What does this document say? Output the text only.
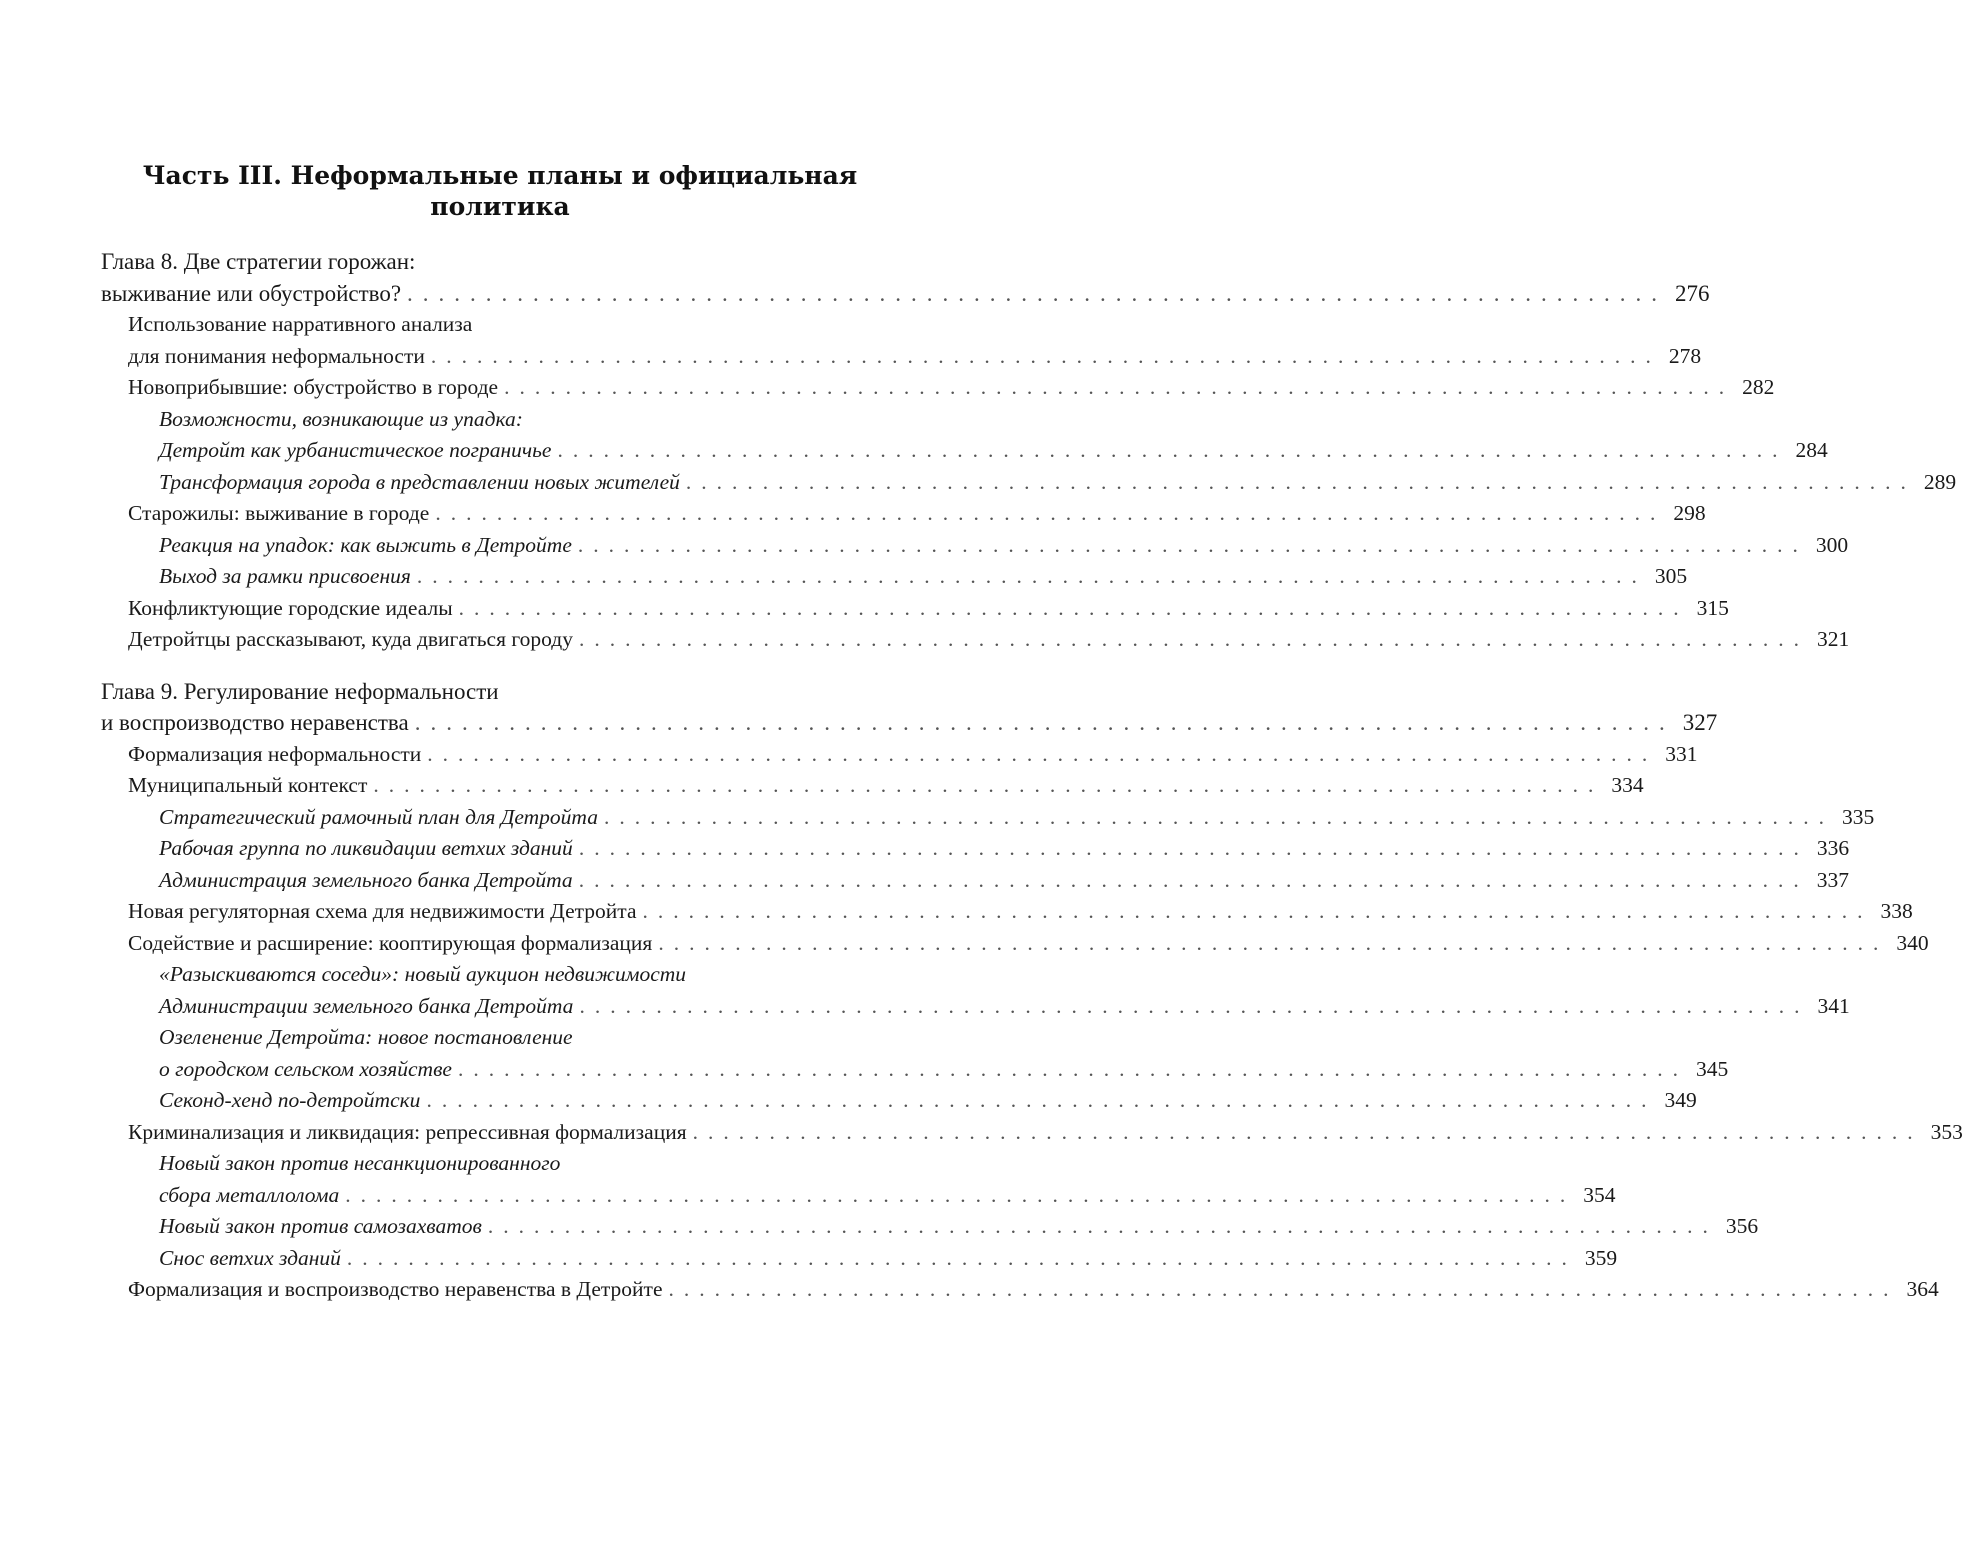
Часть III. Неформальные планы и официальная
политика
Глава 8. Две стратегии горожан:
выживание или обустройство? ................................................................................ 276
Использование нарративного анализа
для понимания неформальности ................................................................................ 278
Новоприбывшие: обустройство в городе ................................................................................ 282
Возможности, возникающие из упадка:
Детройт как урбанистическое пограничье ................................................................................ 284
Трансформация города в представлении новых жителей ................................................................................ 289
Старожилы: выживание в городе ................................................................................ 298
Реакция на упадок: как выжить в Детройте ................................................................................ 300
Выход за рамки присвоения ................................................................................ 305
Конфликтующие городские идеалы ................................................................................ 315
Детройтцы рассказывают, куда двигаться городу ................................................................................ 321
Глава 9. Регулирование неформальности
и воспроизводство неравенства ................................................................................ 327
Формализация неформальности ................................................................................ 331
Муниципальный контекст ................................................................................ 334
Стратегический рамочный план для Детройта ................................................................................ 335
Рабочая группа по ликвидации ветхих зданий ................................................................................ 336
Администрация земельного банка Детройта ................................................................................ 337
Новая регуляторная схема для недвижимости Детройта ................................................................................ 338
Содействие и расширение: кооптирующая формализация ................................................................................ 340
«Разыскиваются соседи»: новый аукцион недвижимости
Администрации земельного банка Детройта ................................................................................ 341
Озеленение Детройта: новое постановление
о городском сельском хозяйстве ................................................................................ 345
Секонд-хенд по-детройтски ................................................................................ 349
Криминализация и ликвидация: репрессивная формализация ................................................................................ 353
Новый закон против несанкционированного
сбора металлолома ................................................................................ 354
Новый закон против самозахватов ................................................................................ 356
Снос ветхих зданий ................................................................................ 359
Формализация и воспроизводство неравенства в Детройте ................................................................................ 364
